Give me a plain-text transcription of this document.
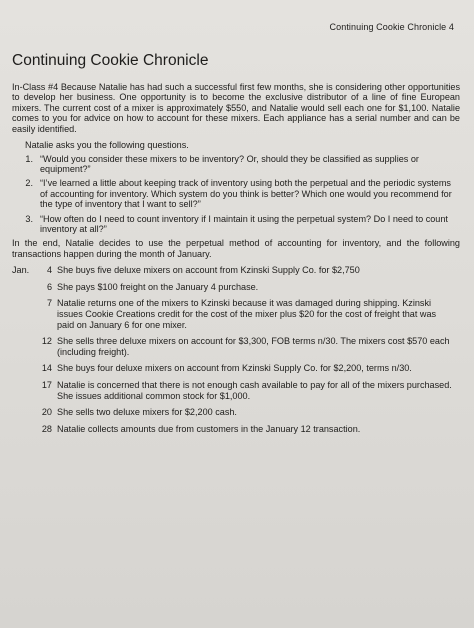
Continuing Cookie Chronicle 4
Continuing Cookie Chronicle

In-Class #4 Because Natalie has had such a successful first few months, she is considering other opportunities to develop her business. One opportunity is to become the exclusive distributor of a line of fine European mixers. The current cost of a mixer is approximately $550, and Natalie would sell each one for $1,100. Natalie comes to you for advice on how to account for these mixers. Each appliance has a serial number and can be easily identified.

Natalie asks you the following questions.
1. “Would you consider these mixers to be inventory? Or, should they be classified as supplies or equipment?”
2. “I’ve learned a little about keeping track of inventory using both the perpetual and the periodic systems of accounting for inventory. Which system do you think is better? Which one would you recommend for the type of inventory that I want to sell?”
3. “How often do I need to count inventory if I maintain it using the perpetual system? Do I need to count inventory at all?”

In the end, Natalie decides to use the perpetual method of accounting for inventory, and the following transactions happen during the month of January.

Jan.	4 She buys five deluxe mixers on account from Kzinski Supply Co. for $2,750
6 She pays $100 freight on the January 4 purchase.
7 Natalie returns one of the mixers to Kzinski because it was damaged during shipping. Kzinski issues Cookie Creations credit for the cost of the mixer plus $20 for the cost of freight that was paid on January 6 for one mixer.
12 She sells three deluxe mixers on account for $3,300, FOB terms n/30. The mixers cost $570 each (including freight).
14 She buys four deluxe mixers on account from Kzinski Supply Co. for $2,200, terms n/30.
17 Natalie is concerned that there is not enough cash available to pay for all of the mixers purchased. She issues additional common stock for $1,000.
20 She sells two deluxe mixers for $2,200 cash.
28 Natalie collects amounts due from customers in the January 12 transaction.
